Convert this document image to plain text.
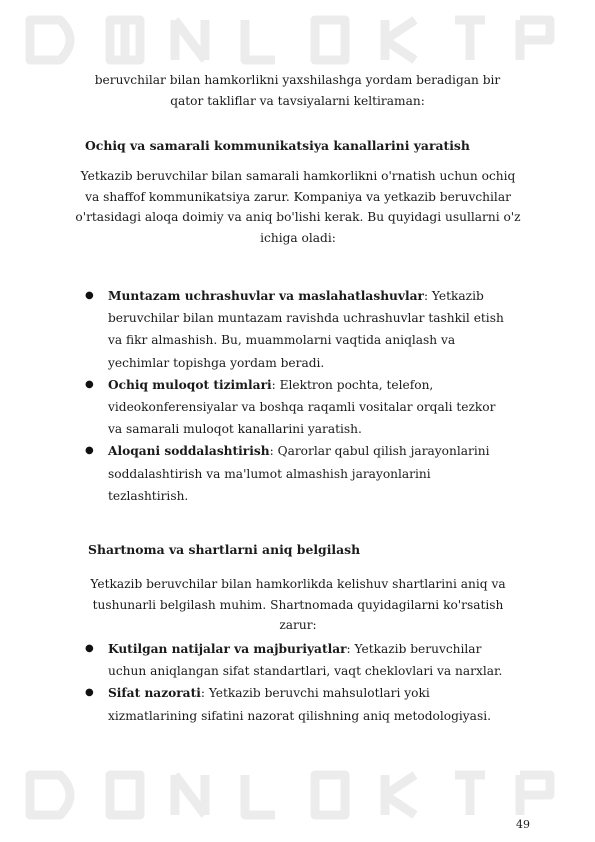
beruvchilar bilan hamkorlikni yaxshilashga yordam beradigan bir qator takliflar va tavsiyalarni keltiraman:

Ochiq va samarali kommunikatsiya kanallarini yaratish

Yetkazib beruvchilar bilan samarali hamkorlikni o'rnatish uchun ochiq va shaffof kommunikatsiya zarur. Kompaniya va yetkazib beruvchilar o'rtasidagi aloqa doimiy va aniq bo'lishi kerak. Bu quyidagi usullarni o'z ichiga oladi:

● Muntazam uchrashuvlar va maslahatlashuvlar: Yetkazib beruvchilar bilan muntazam ravishda uchrashuvlar tashkil etish va fikr almashish. Bu, muammolarni vaqtida aniqlash va yechimlar topishga yordam beradi.
● Ochiq muloqot tizimlari: Elektron pochta, telefon, videokonferensiyalar va boshqa raqamli vositalar orqali tezkor va samarali muloqot kanallarini yaratish.
● Aloqani soddalashtirish: Qarorlar qabul qilish jarayonlarini soddalashtirish va ma'lumot almashish jarayonlarini tezlashtirish.
Shartnoma va shartlarni aniq belgilash

Yetkazib beruvchilar bilan hamkorlikda kelishuv shartlarini aniq va tushunarli belgilash muhim. Shartnomada quyidagilarni ko'rsatish zarur:

● Kutilgan natijalar va majburiyatlar: Yetkazib beruvchilar uchun aniqlangan sifat standartlari, vaqt cheklovlari va narxlar.
● Sifat nazorati: Yetkazib beruvchi mahsulotlari yoki xizmatlarining sifatini nazorat qilishning aniq metodologiyasi.
49
